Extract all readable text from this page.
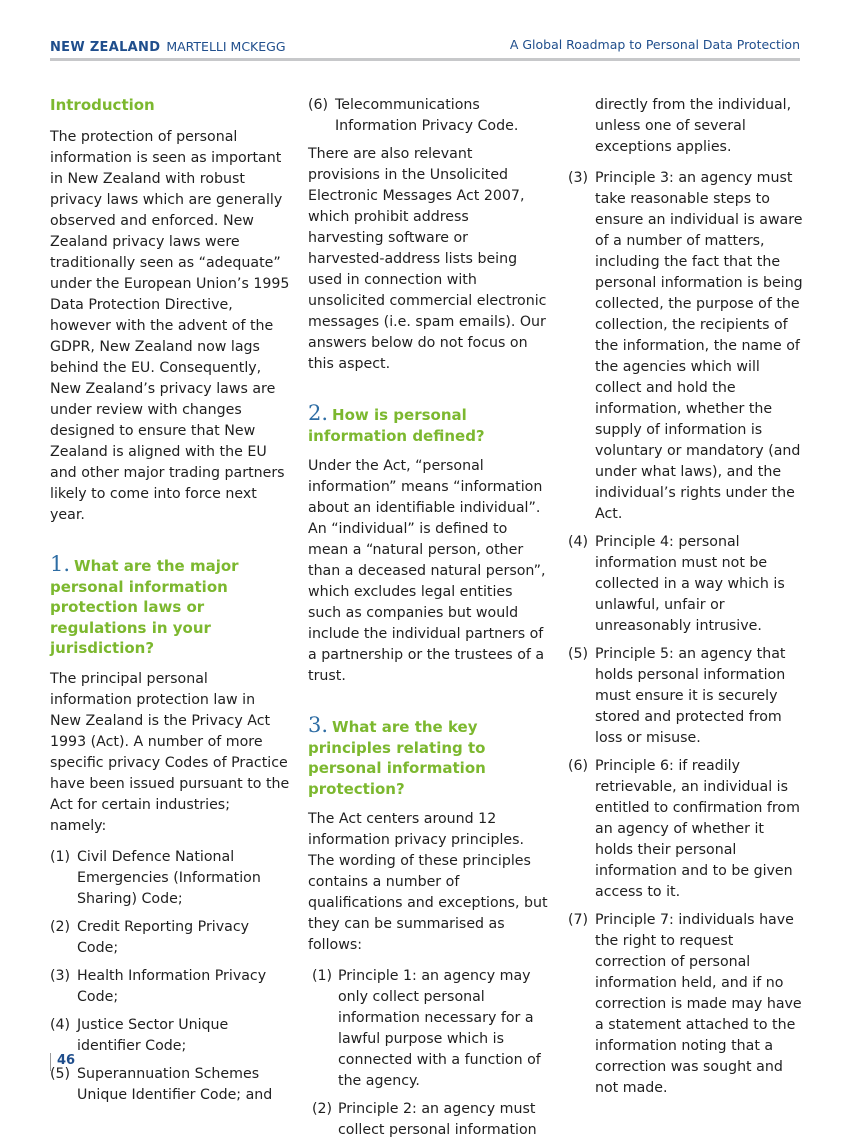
NEW ZEALAND MARTELLI MCKEGG	A Global Roadmap to Personal Data Protection
Introduction

The protection of personal information is seen as important in New Zealand with robust privacy laws which are generally observed and enforced. New Zealand privacy laws were traditionally seen as “adequate” under the European Union’s 1995 Data Protection Directive, however with the advent of the GDPR, New Zealand now lags behind the EU. Consequently, New Zealand’s privacy laws are under review with changes designed to ensure that New Zealand is aligned with the EU and other major trading partners likely to come into force next year.

1. What are the major personal information protection laws or regulations in your jurisdiction?

The principal personal information protection law in New Zealand is the Privacy Act 1993 (Act). A number of more specific privacy Codes of Practice have been issued pursuant to the Act for certain industries; namely:

(1) Civil Defence National Emergencies (Information Sharing) Code;
(2) Credit Reporting Privacy Code;
(3) Health Information Privacy Code;
(4) Justice Sector Unique identifier Code;
(5) Superannuation Schemes Unique Identifier Code; and
(6) Telecommunications Information Privacy Code.

There are also relevant provisions in the Unsolicited Electronic Messages Act 2007, which prohibit address harvesting software or harvested-address lists being used in connection with unsolicited commercial electronic messages (i.e. spam emails). Our answers below do not focus on this aspect.

2. How is personal information defined?

Under the Act, “personal information” means “information about an identifiable individual”. An “individual” is defined to mean a “natural person, other than a deceased natural person”, which excludes legal entities such as companies but would include the individual partners of a partnership or the trustees of a trust.

3. What are the key principles relating to personal information protection?

The Act centers around 12 information privacy principles. The wording of these principles contains a number of qualifications and exceptions, but they can be summarised as follows:

(1) Principle 1: an agency may only collect personal information necessary for a lawful purpose which is connected with a function of the agency.
(2) Principle 2: an agency must collect personal information

directly from the individual, unless one of several exceptions applies.

(3) Principle 3: an agency must take reasonable steps to ensure an individual is aware of a number of matters, including the fact that the personal information is being collected, the purpose of the collection, the recipients of the information, the name of the agencies which will collect and hold the information, whether the supply of information is voluntary or mandatory (and under what laws), and the individual’s rights under the Act.
(4) Principle 4: personal information must not be collected in a way which is unlawful, unfair or unreasonably intrusive.
(5) Principle 5: an agency that holds personal information must ensure it is securely stored and protected from loss or misuse.
(6) Principle 6: if readily retrievable, an individual is entitled to confirmation from an agency of whether it holds their personal information and to be given access to it.
(7) Principle 7: individuals have the right to request correction of personal information held, and if no correction is made may have a statement attached to the information noting that a correction was sought and not made.
46
